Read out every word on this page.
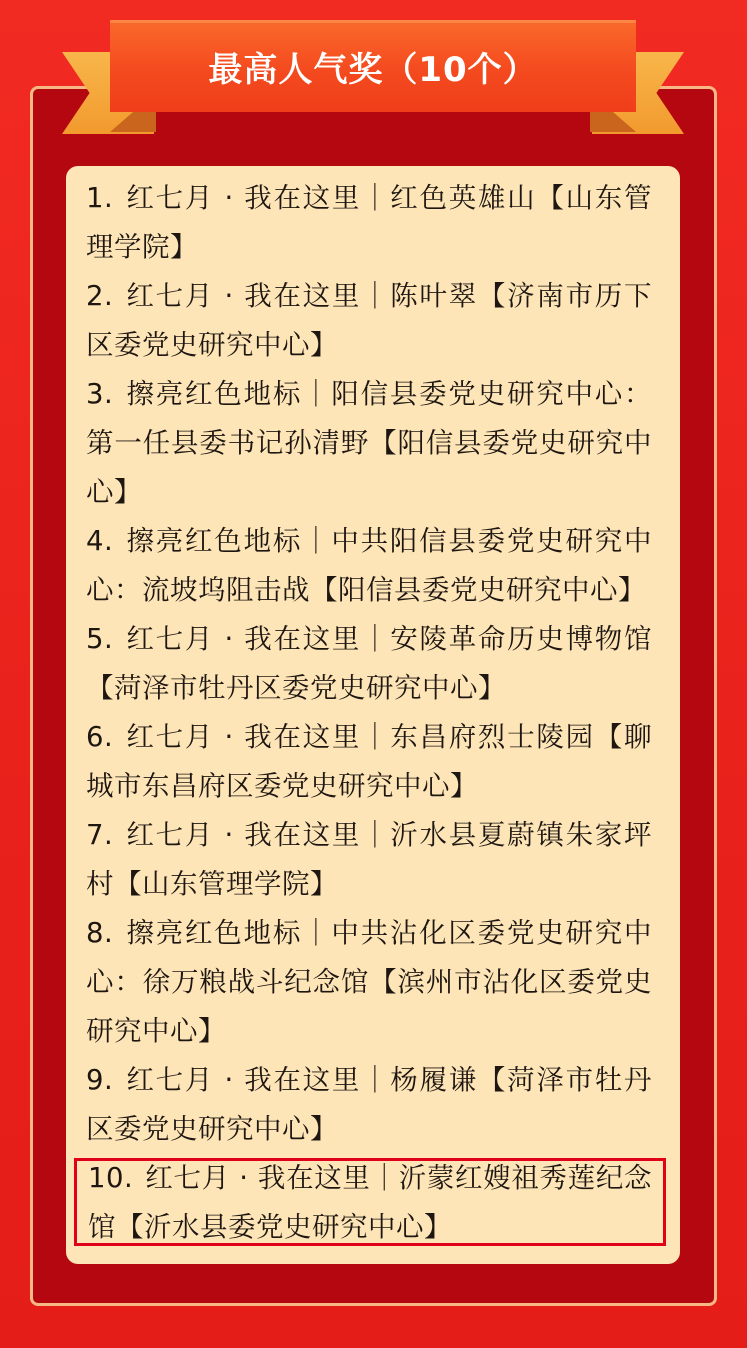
最高人气奖（10个）
1. 红七月 · 我在这里｜红色英雄山【山东管理学院】
2. 红七月 · 我在这里｜陈叶翠【济南市历下区委党史研究中心】
3. 擦亮红色地标｜阳信县委党史研究中心：第一任县委书记孙清野【阳信县委党史研究中心】
4. 擦亮红色地标｜中共阳信县委党史研究中心：流坡坞阻击战【阳信县委党史研究中心】
5. 红七月 · 我在这里｜安陵革命历史博物馆【菏泽市牡丹区委党史研究中心】
6. 红七月 · 我在这里｜东昌府烈士陵园【聊城市东昌府区委党史研究中心】
7. 红七月 · 我在这里｜沂水县夏蔚镇朱家坪村【山东管理学院】
8. 擦亮红色地标｜中共沾化区委党史研究中心：徐万粮战斗纪念馆【滨州市沾化区委党史研究中心】
9. 红七月 · 我在这里｜杨履谦【菏泽市牡丹区委党史研究中心】
10. 红七月 · 我在这里｜沂蒙红嫂祖秀莲纪念馆【沂水县委党史研究中心】
